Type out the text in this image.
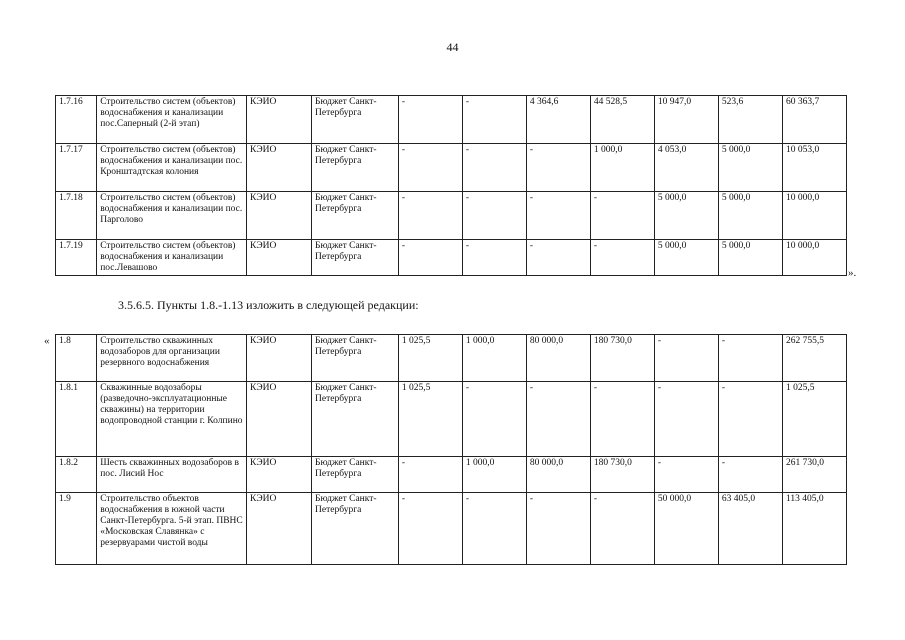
44
1.7.16	Строительство систем (объектов) водоснабжения и канализации пос.Саперный (2-й этап)	КЭИО	Бюджет Санкт-Петербурга	-	-	4 364,6	44 528,5	10 947,0	523,6	60 363,7
1.7.17	Строительство систем (объектов) водоснабжения и канализации пос. Кронштадтская колония	КЭИО	Бюджет Санкт-Петербурга	-	-	-	1 000,0	4 053,0	5 000,0	10 053,0
1.7.18	Строительство систем (объектов) водоснабжения и канализации пос. Парголово	КЭИО	Бюджет Санкт-Петербурга	-	-	-	-	5 000,0	5 000,0	10 000,0
1.7.19	Строительство систем (объектов) водоснабжения и канализации пос.Левашово	КЭИО	Бюджет Санкт-Петербурга	-	-	-	-	5 000,0	5 000,0	10 000,0
».
3.5.6.5. Пункты 1.8.-1.13 изложить в следующей редакции:
« 1.8	Строительство скважинных водозаборов для организации резервного водоснабжения	КЭИО	Бюджет Санкт-Петербурга	1 025,5	1 000,0	80 000,0	180 730,0	-	-	262 755,5
1.8.1	Скважинные водозаборы (разведочно-эксплуатационные скважины) на территории водопроводной станции г. Колпино	КЭИО	Бюджет Санкт-Петербурга	1 025,5	-	-	-	-	-	1 025,5
1.8.2	Шесть скважинных водозаборов в пос. Лисий Нос	КЭИО	Бюджет Санкт-Петербурга	-	1 000,0	80 000,0	180 730,0	-	-	261 730,0
1.9	Строительство объектов водоснабжения в южной части Санкт-Петербурга. 5-й этап. ПВНС «Московская Славянка» с резервуарами чистой воды	КЭИО	Бюджет Санкт-Петербурга	-	-	-	-	50 000,0	63 405,0	113 405,0
